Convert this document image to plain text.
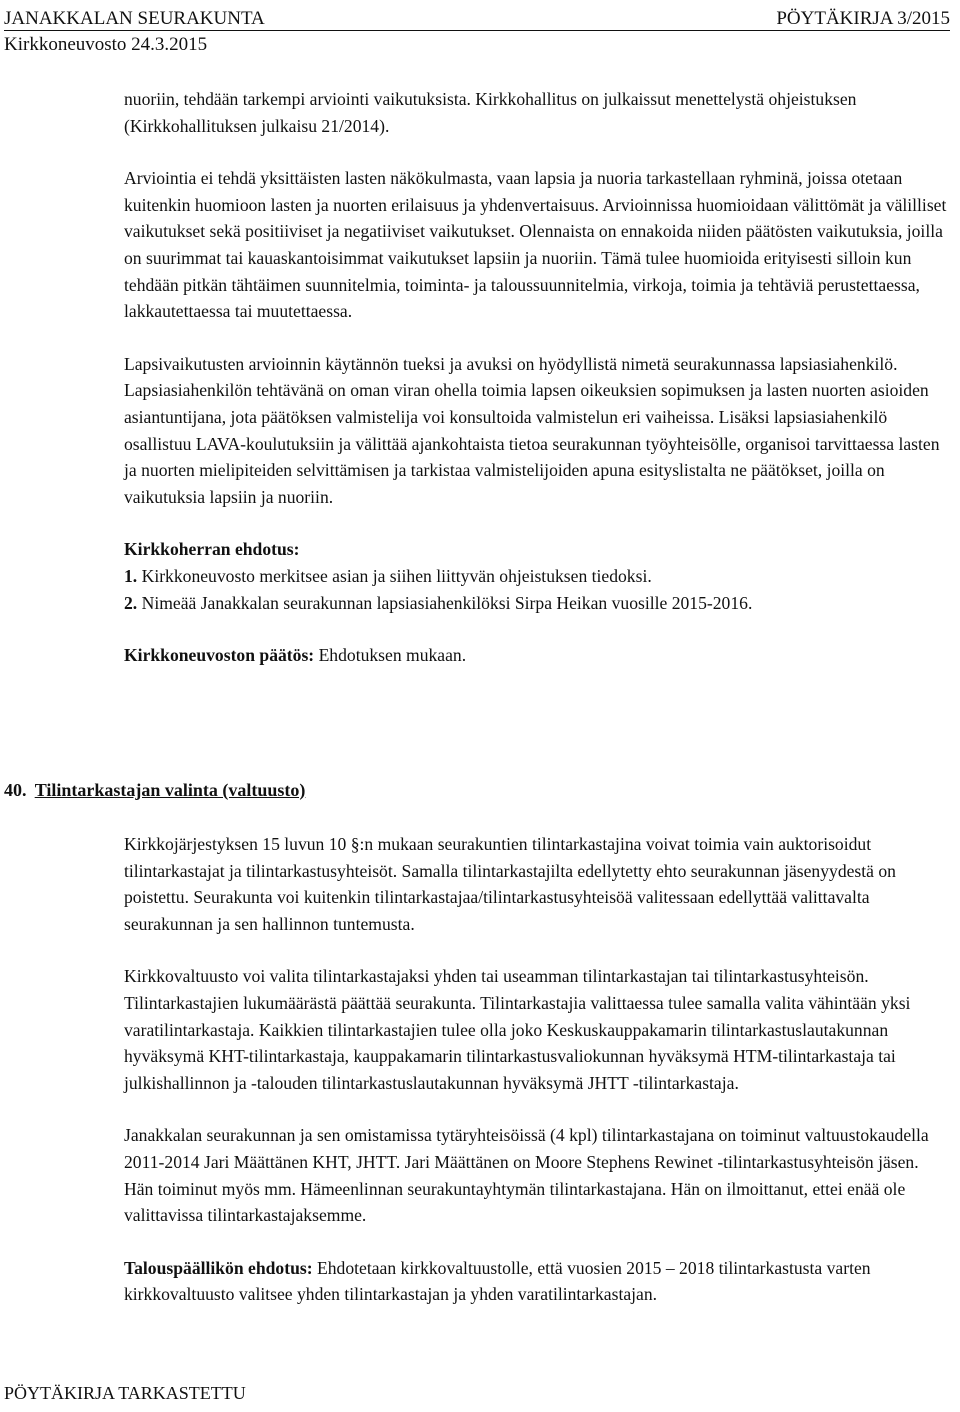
JANAKKALAN SEURAKUNTA	PÖYTÄKIRJA 3/2015
Kirkkoneuvosto 24.3.2015

nuoriin, tehdään tarkempi arviointi vaikutuksista. Kirkkohallitus on julkaissut menettelystä ohjeistuksen (Kirkkohallituksen julkaisu 21/2014).

Arviointia ei tehdä yksittäisten lasten näkökulmasta, vaan lapsia ja nuoria tarkastellaan ryhminä, joissa otetaan kuitenkin huomioon lasten ja nuorten erilaisuus ja yhdenvertaisuus. Arvioinnissa huomioidaan välittömät ja välilliset vaikutukset sekä positiiviset ja negatiiviset vaikutukset. Olennaista on ennakoida niiden päätösten vaikutuksia, joilla on suurimmat tai kauaskantoisimmat vaikutukset lapsiin ja nuoriin. Tämä tulee huomioida erityisesti silloin kun tehdään pitkän tähtäimen suunnitelmia, toiminta- ja taloussuunnitelmia, virkoja, toimia ja tehtäviä perustettaessa, lakkautettaessa tai muutettaessa.

Lapsivaikutusten arvioinnin käytännön tueksi ja avuksi on hyödyllistä nimetä seurakunnassa lapsiasiahenkilö. Lapsiasiahenkilön tehtävänä on oman viran ohella toimia lapsen oikeuksien sopimuksen ja lasten nuorten asioiden asiantuntijana, jota päätöksen valmistelija voi konsultoida valmistelun eri vaiheissa. Lisäksi lapsiasiahenkilö osallistuu LAVA-koulutuksiin ja välittää ajankohtaista tietoa seurakunnan työyhteisölle, organisoi tarvittaessa lasten ja nuorten mielipiteiden selvittämisen ja tarkistaa valmistelijoiden apuna esityslistalta ne päätökset, joilla on vaikutuksia lapsiin ja nuoriin.

Kirkkoherran ehdotus:

1. Kirkkoneuvosto merkitsee asian ja siihen liittyvän ohjeistuksen tiedoksi.

2. Nimeää Janakkalan seurakunnan lapsiasiahenkilöksi Sirpa Heikan vuosille 2015-2016.

Kirkkoneuvoston päätös: Ehdotuksen mukaan.

40. Tilintarkastajan valinta (valtuusto)

Kirkkojärjestyksen 15 luvun 10 §:n mukaan seurakuntien tilintarkastajina voivat toimia vain auktorisoidut tilintarkastajat ja tilintarkastusyhteisöt. Samalla tilintarkastajilta edellytetty ehto seurakunnan jäsenyydestä on poistettu. Seurakunta voi kuitenkin tilintarkastajaa/tilintarkastusyhteisöä valitessaan edellyttää valittavalta seurakunnan ja sen hallinnon tuntemusta.

Kirkkovaltuusto voi valita tilintarkastajaksi yhden tai useamman tilintarkastajan tai tilintarkastusyhteisön. Tilintarkastajien lukumäärästä päättää seurakunta. Tilintarkastajia valittaessa tulee samalla valita vähintään yksi varatilintarkastaja. Kaikkien tilintarkastajien tulee olla joko Keskuskauppakamarin tilintarkastuslautakunnan hyväksymä KHT-tilintarkastaja, kauppakamarin tilintarkastusvaliokunnan hyväksymä HTM-tilintarkastaja tai julkishallinnon ja -talouden tilintarkastuslautakunnan hyväksymä JHTT -tilintarkastaja.

Janakkalan seurakunnan ja sen omistamissa tytäryhteisöissä (4 kpl) tilintarkastajana on toiminut valtuustokaudella 2011-2014 Jari Määttänen KHT, JHTT. Jari Määttänen on Moore Stephens Rewinet -tilintarkastusyhteisön jäsen. Hän toiminut myös mm. Hämeenlinnan seurakuntayhtymän tilintarkastajana. Hän on ilmoittanut, ettei enää ole valittavissa tilintarkastajaksemme.

Talouspäällikön ehdotus: Ehdotetaan kirkkovaltuustolle, että vuosien 2015 – 2018 tilintarkastusta varten kirkkovaltuusto valitsee yhden tilintarkastajan ja yhden varatilintarkastajan.

PÖYTÄKIRJA TARKASTETTU
